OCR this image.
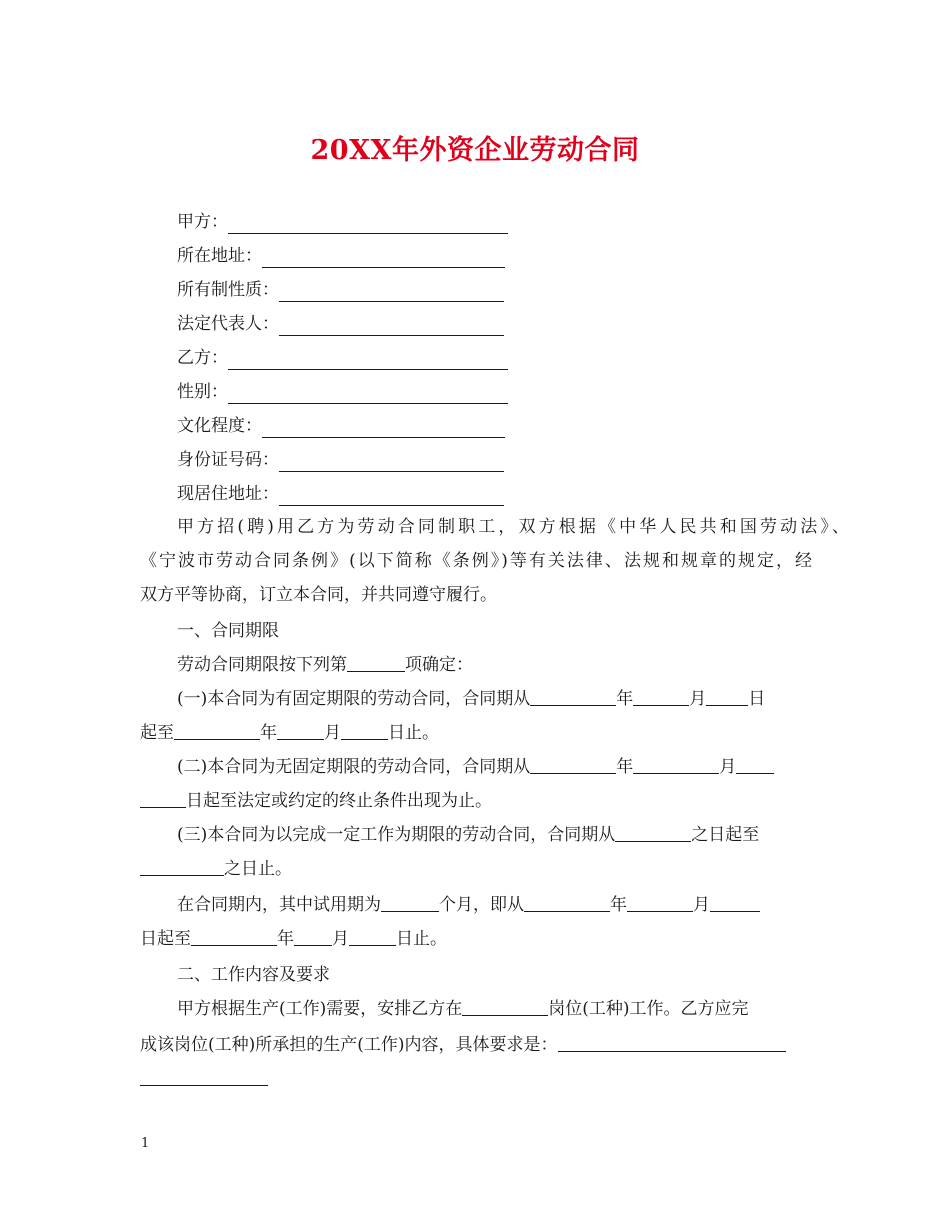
20XX年外资企业劳动合同
甲方：
所在地址：
所有制性质：
法定代表人：
乙方：
性别：
文化程度：
身份证号码：
现居住地址：
甲方招(聘)用乙方为劳动合同制职工，双方根据《中华人民共和国劳动法》、
《宁波市劳动合同条例》(以下简称《条例》)等有关法律、法规和规章的规定，经
双方平等协商，订立本合同，并共同遵守履行。
一、合同期限
劳动合同期限按下列第	项确定：
(一)本合同为有固定期限的劳动合同，合同期从	年	月 日
起至	年	月	日止。
(二)本合同为无固定期限的劳动合同，合同期从	年	月
日起至法定或约定的终止条件出现为止。
(三)本合同为以完成一定工作为期限的劳动合同，合同期从	之日起至
之日止。
在合同期内，其中试用期为	个月，即从	年	月
日起至	年 月	日止。
二、工作内容及要求
甲方根据生产(工作)需要，安排乙方在	岗位(工种)工作。乙方应完
成该岗位(工种)所承担的生产(工作)内容，具体要求是：
1
